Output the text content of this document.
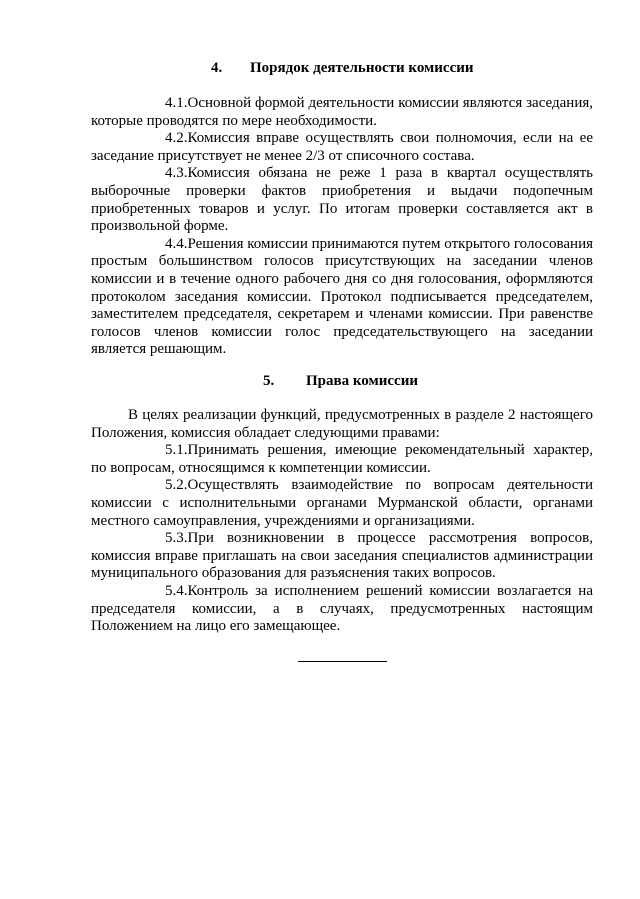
4. Порядок деятельности комиссии

4.1.Основной формой деятельности комиссии являются заседания, которые проводятся по мере необходимости.

4.2.Комиссия вправе осуществлять свои полномочия, если на ее заседание присутствует не менее 2/3 от списочного состава.

4.3.Комиссия обязана не реже 1 раза в квартал осуществлять выборочные проверки фактов приобретения и выдачи подопечным приобретенных товаров и услуг. По итогам проверки составляется акт в произвольной форме.

4.4.Решения комиссии принимаются путем открытого голосования простым большинством голосов присутствующих на заседании членов комиссии и в течение одного рабочего дня со дня голосования, оформляются протоколом заседания комиссии. Протокол подписывается председателем, заместителем председателя, секретарем и членами комиссии. При равенстве голосов членов комиссии голос председательствующего на заседании является решающим.

5. Права комиссии

В целях реализации функций, предусмотренных в разделе 2 настоящего Положения, комиссия обладает следующими правами:

5.1.Принимать решения, имеющие рекомендательный характер, по вопросам, относящимся к компетенции комиссии.

5.2.Осуществлять взаимодействие по вопросам деятельности комиссии с исполнительными органами Мурманской области, органами местного самоуправления, учреждениями и организациями.

5.3.При возникновении в процессе рассмотрения вопросов, комиссия вправе приглашать на свои заседания специалистов администрации муниципального образования для разъяснения таких вопросов.

5.4.Контроль за исполнением решений комиссии возлагается на председателя комиссии, а в случаях, предусмотренных настоящим Положением на лицо его замещающее.
